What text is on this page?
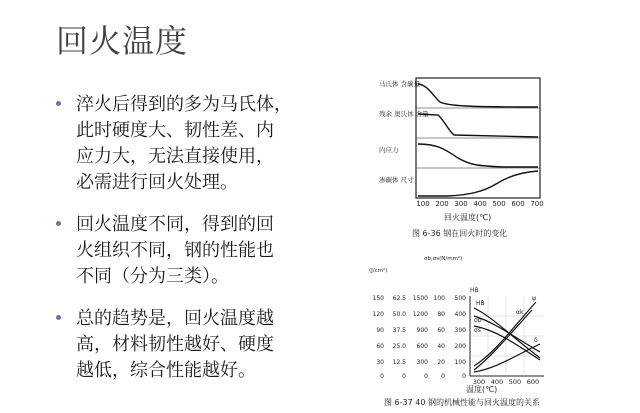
回火温度
淬火后得到的多为马氏体，
此时硬度大、韧性差、内
应力大，无法直接使用，
必需进行回火处理。
回火温度不同，得到的回
火组织不同，钢的性能也
不同（分为三类）。
总的趋势是，回火温度越
高，材料韧性越好、硬度
越低，综合性能越好。
马氏体 含碳量
残余 奥氏体 含量
内应力
渗碳体 尺寸
100 200 300 400 500 600 700
回火温度(℃)
图 6-36 钢在回火时的变化
(J/cm²)
σb,σs(N/mm²)
HB
150
120
90
60
30
0
62.5
50.0
37.5
25.0
12.5
0
1500
1200
900
600
300
0
100
80
60
40
20
0
500
400
300
200
100
0
HB
σb
σs
ψ
δ
αk
300 400 500 600
温度(℃)
图 6-37 40 钢的机械性能与回火温度的关系
